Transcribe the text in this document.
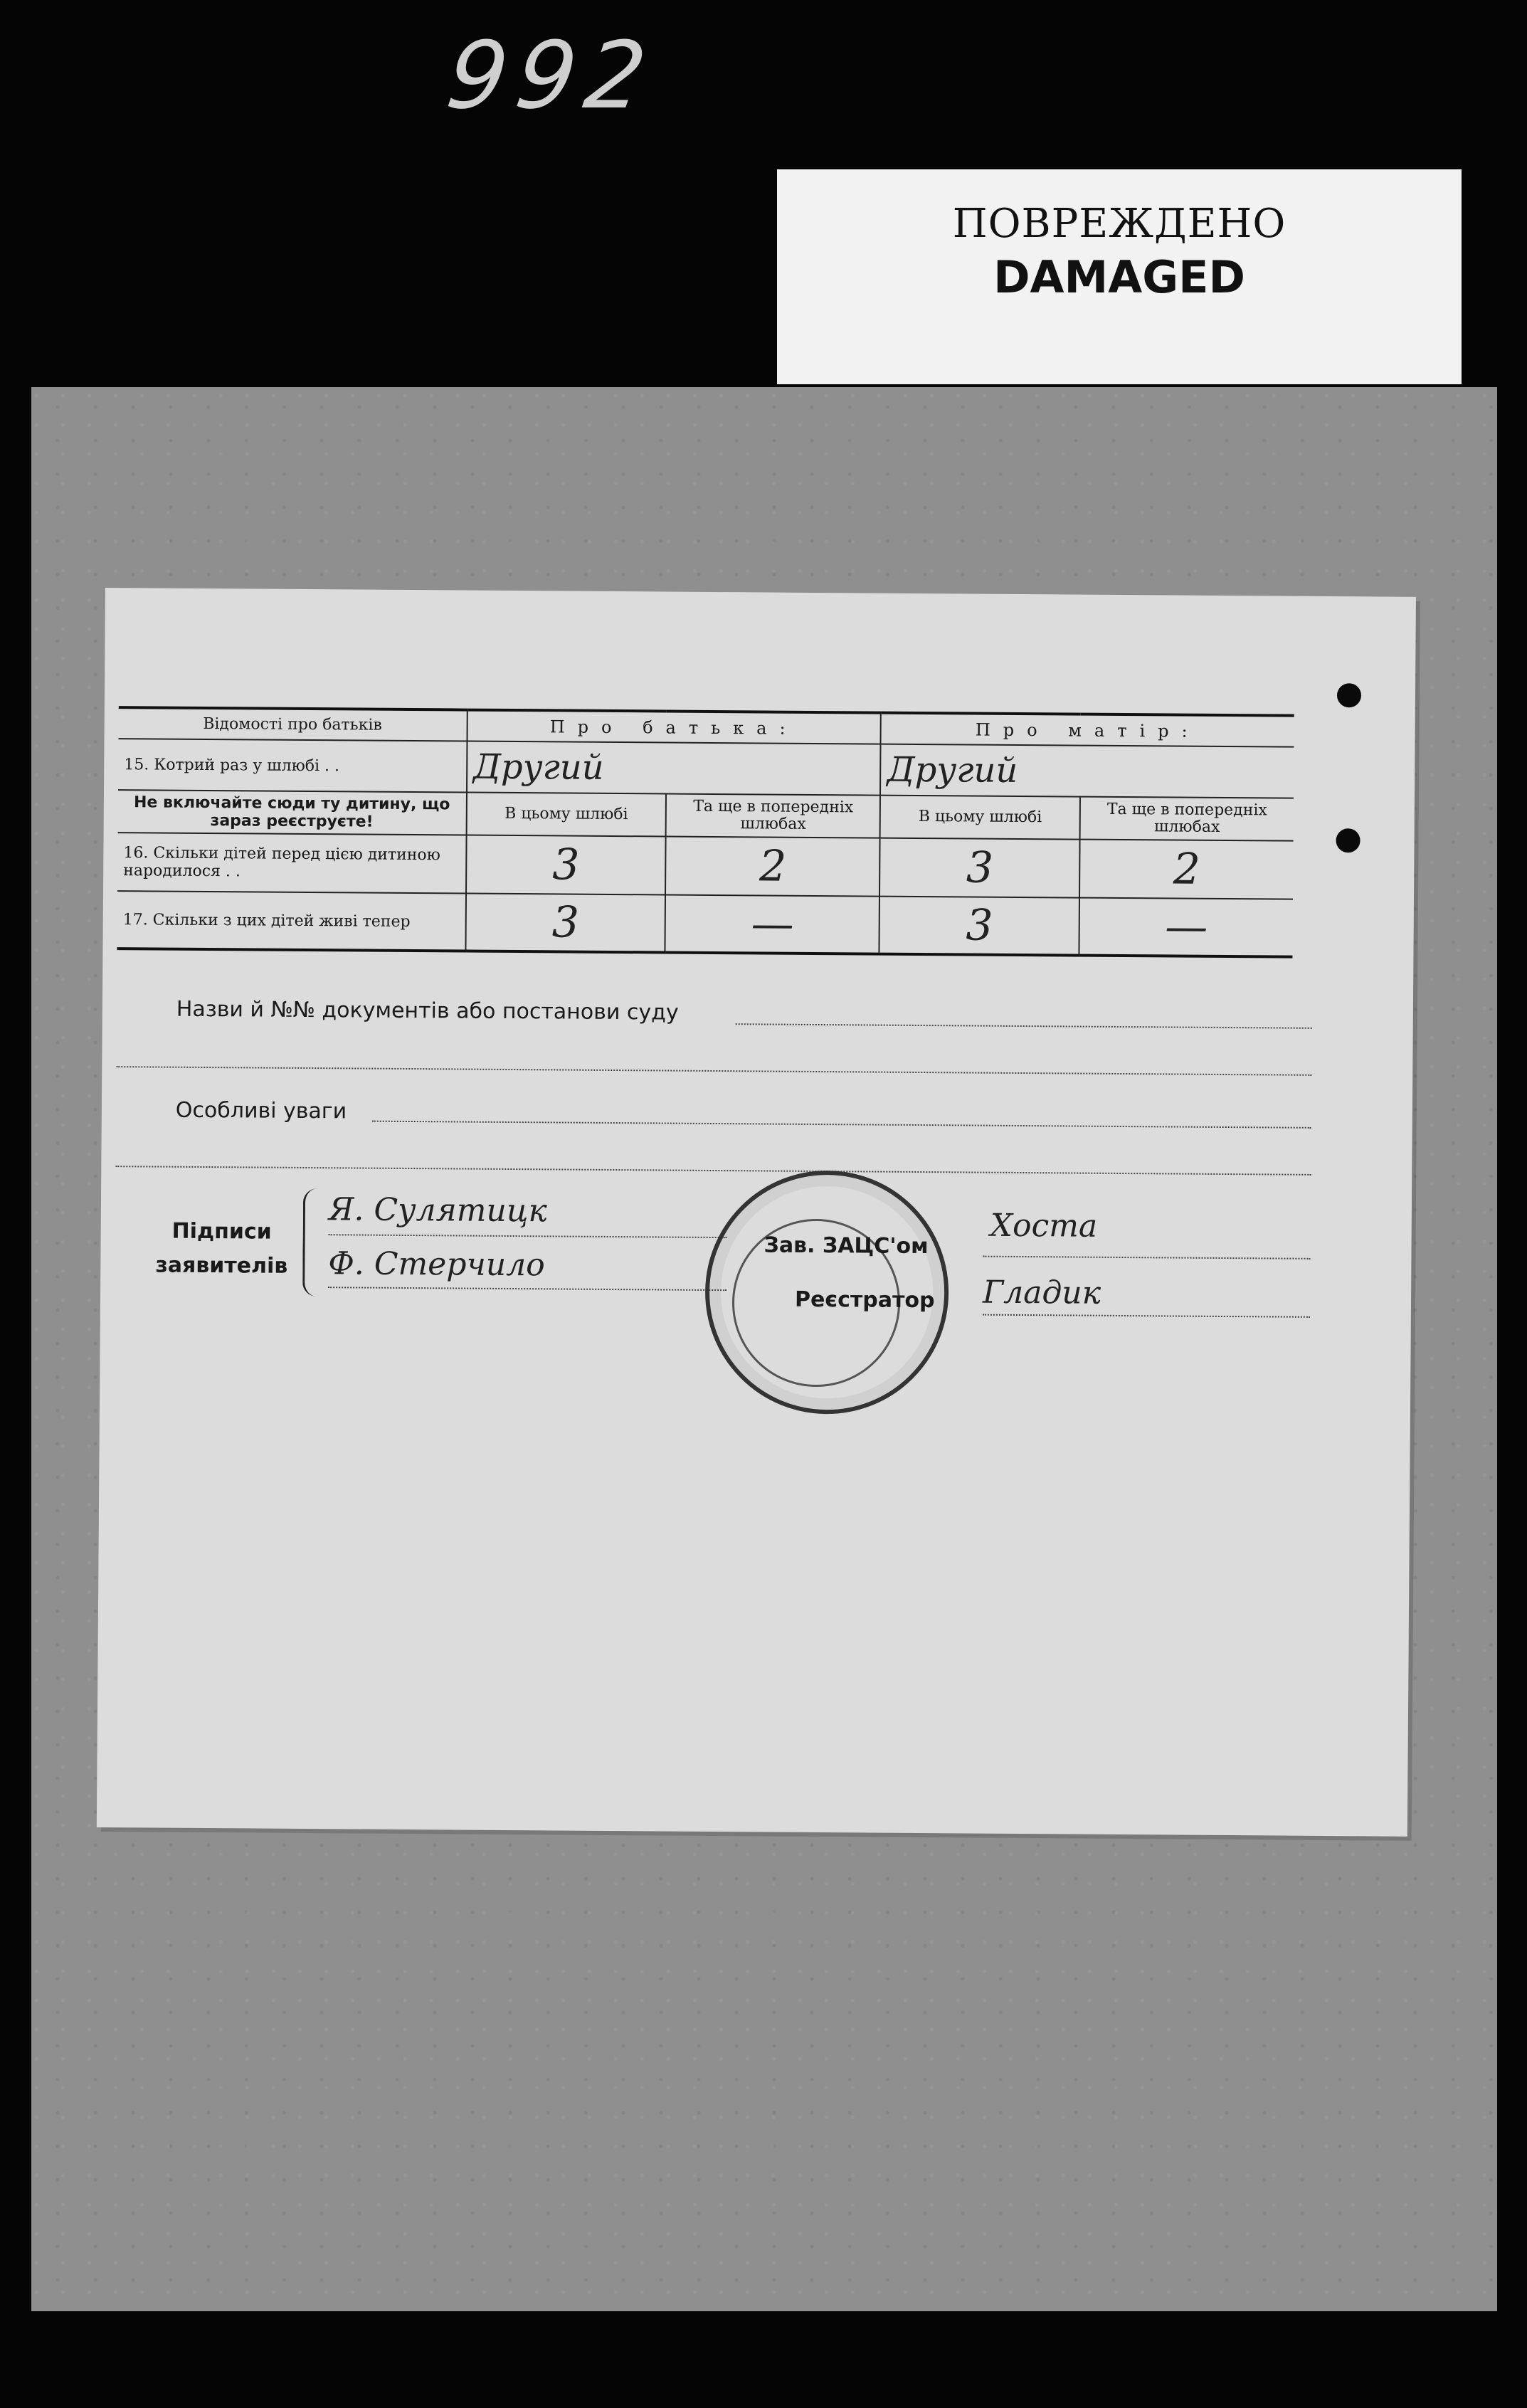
992
ПОВРЕЖДЕНО
DAMAGED
Відомості про батьків	Про батька:		Про матір:	
15. Котрий раз у шлюбі . .	Другий		Другий	
Не включайте сюди ту дитину, що зараз реєструєте!	В цьому шлюбі	Та ще в попередніх шлюбах	В цьому шлюбі	Та ще в попередніх шлюбах
16. Скільки дітей перед цією дитиною народилося . .	3	2	3	2
17. Скільки з цих дітей живі тепер	3	—	3	—
Назви й №№ документів або постанови суду
Особливі уваги
Підписи
заявителів
Я. Сулятицк
Ф. Стерчило	Зав. ЗАЦС'ом
Реєстратор
Хоста
Гладик
